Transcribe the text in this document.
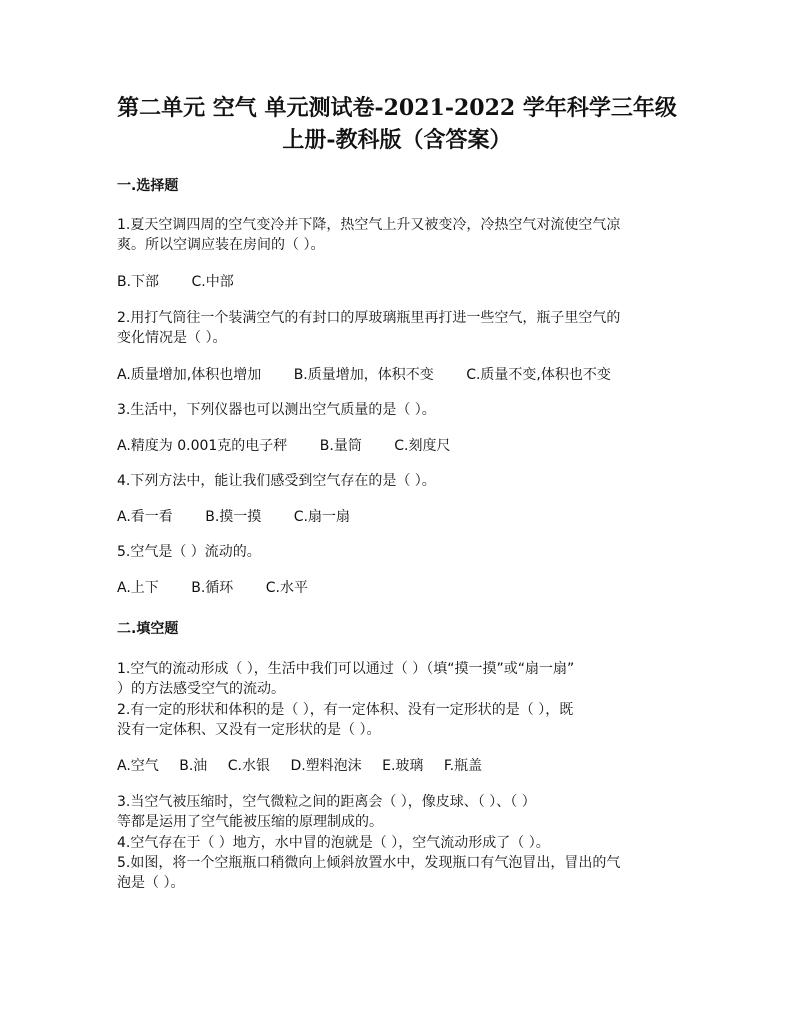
第二单元 空气 单元测试卷-2021-2022 学年科学三年级
上册-教科版（含答案）
一.选择题
1.夏天空调四周的空气变冷并下降，热空气上升又被变冷，冷热空气对流使空气凉
爽。所以空调应装在房间的（ ）。
B.下部 C.中部
2.用打气筒往一个装满空气的有封口的厚玻璃瓶里再打进一些空气，瓶子里空气的
变化情况是（ ）。
A.质量增加,体积也增加 B.质量增加，体积不变 C.质量不变,体积也不变
3.生活中，下列仪器也可以测出空气质量的是（ ）。
A.精度为 0.001克的电子秤 B.量筒 C.刻度尺
4.下列方法中，能让我们感受到空气存在的是（ ）。
A.看一看 B.摸一摸 C.扇一扇
5.空气是（ ）流动的。
A.上下 B.循环 C.水平
二.填空题
1.空气的流动形成（ ），生活中我们可以通过（ ）（填“摸一摸”或“扇一扇”
）的方法感受空气的流动。
2.有一定的形状和体积的是（ ），有一定体积、没有一定形状的是（ ），既
没有一定体积、又没有一定形状的是（ ）。
A.空气 B.油 C.水银 D.塑料泡沫 E.玻璃 F.瓶盖
3.当空气被压缩时，空气微粒之间的距离会（ ），像皮球、（ ）、（ ）
等都是运用了空气能被压缩的原理制成的。
4.空气存在于（ ）地方，水中冒的泡就是（ ），空气流动形成了（ ）。
5.如图，将一个空瓶瓶口稍微向上倾斜放置水中，发现瓶口有气泡冒出，冒出的气
泡是（ ）。
